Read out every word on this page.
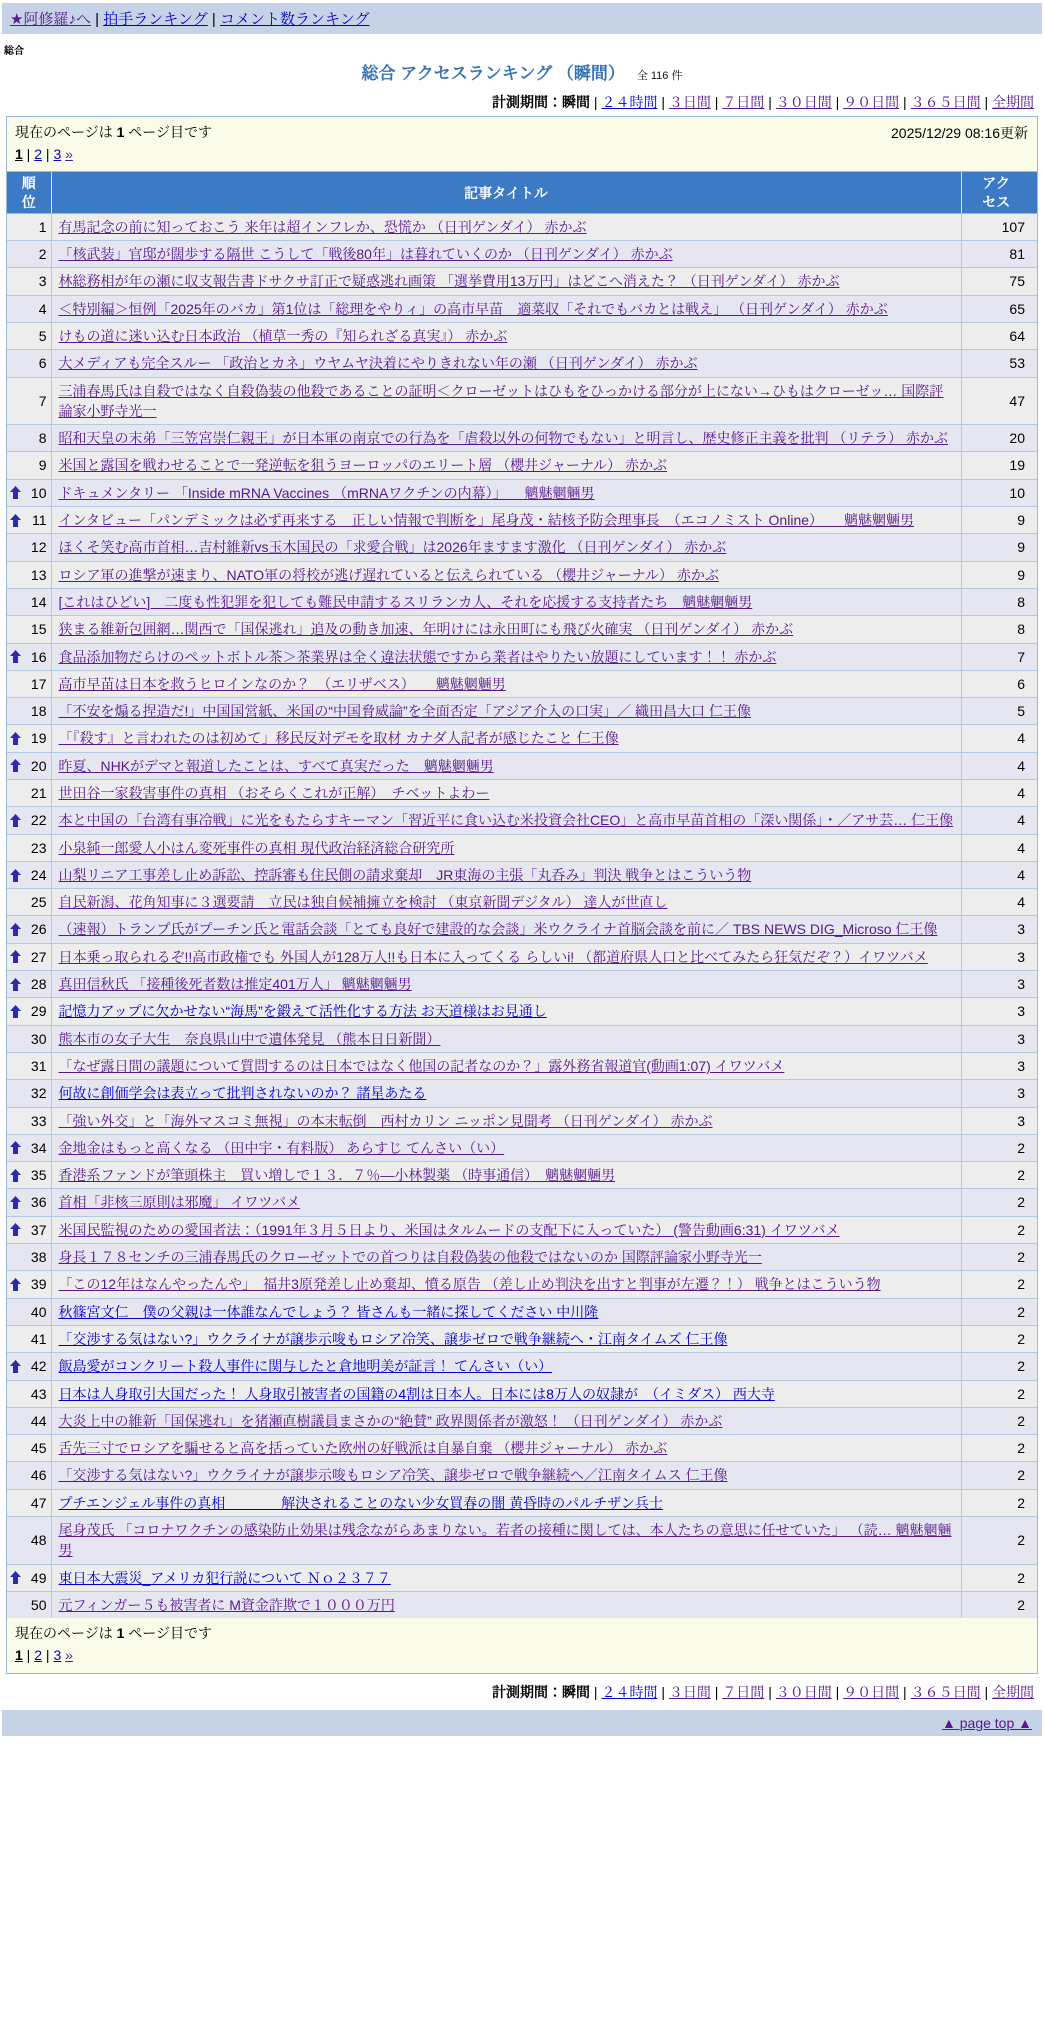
★阿修羅♪へ | 拍手ランキング | コメント数ランキング
総合
総合 アクセスランキング （瞬間） 全 116 件
計測期間：瞬間 | ２４時間 | ３日間 | ７日間 | ３０日間 | ９０日間 | ３６５日間 | 全期間
現在のページは 1 ページ目です
1 | 2 | 3 »
2025/12/29 08:16更新
順位	記事タイトル	アクセス

1	有馬記念の前に知っておこう 来年は超インフレか、恐慌か （日刊ゲンダイ） 赤かぶ	107

2	「核武装」官邸が闊歩する隔世 こうして「戦後80年」は暮れていくのか （日刊ゲンダイ） 赤かぶ	81

3	林総務相が年の瀬に収支報告書ドサクサ訂正で疑惑逃れ画策 「選挙費用13万円」はどこへ消えた？ （日刊ゲンダイ） 赤かぶ	75

4	＜特別編＞恒例「2025年のバカ」第1位は「総理をやりィ」の高市早苗　適菜収「それでもバカとは戦え」 （日刊ゲンダイ） 赤かぶ	65

5	けもの道に迷い込む日本政治 （植草一秀の『知られざる真実』） 赤かぶ	64

6	大メディアも完全スルー 「政治とカネ」ウヤムヤ決着にやりきれない年の瀬 （日刊ゲンダイ） 赤かぶ	53

7	三浦春馬氏は自殺ではなく自殺偽装の他殺であることの証明＜クローゼットはひもをひっかける部分が上にない→ひもはクローゼッ… 国際評論家小野寺光一	47

8	昭和天皇の末弟「三笠宮崇仁親王」が日本軍の南京での行為を「虐殺以外の何物でもない」と明言し、歴史修正主義を批判 （リテラ） 赤かぶ	20

9	米国と露国を戦わせることで一発逆転を狙うヨーロッパのエリート層 （櫻井ジャーナル） 赤かぶ	19

10	ドキュメンタリー 「Inside mRNA Vaccines （mRNAワクチンの内幕）」 　魑魅魍魎男	10

11	インタビュー「パンデミックは必ず再来する　正しい情報で判断を」尾身茂・結核予防会理事長　（エコノミスト Online）　　魑魅魍魎男	9

12	ほくそ笑む高市首相…吉村維新vs玉木国民の「求愛合戦」は2026年ますます激化 （日刊ゲンダイ） 赤かぶ	9

13	ロシア軍の進撃が速まり、NATO軍の将校が逃げ遅れていると伝えられている （櫻井ジャーナル） 赤かぶ	9

14	[これはひどい]　二度も性犯罪を犯しても難民申請するスリランカ人、それを応援する支持者たち　魑魅魍魎男	8

15	狭まる維新包囲網…関西で「国保逃れ」追及の動き加速、年明けには永田町にも飛び火確実 （日刊ゲンダイ） 赤かぶ	8

16	食品添加物だらけのペットボトル茶＞茶業界は全く違法状態ですから業者はやりたい放題にしています！！ 赤かぶ	7

17	高市早苗は日本を救うヒロインなのか？　（エリザベス）　　魑魅魍魎男	6

18	「不安を煽る捏造だ!」中国国営紙、米国の“中国脅威論”を全面否定「アジア介入の口実」／ 織田昌大口 仁王像	5

19	「『殺す』と言われたのは初めて」移民反対デモを取材 カナダ人記者が感じたこと 仁王像	4

20	昨夏、NHKがデマと報道したことは、すべて真実だった　魑魅魍魎男	4

21	世田谷一家殺害事件の真相 （おそらくこれが正解）　チベットよわー	4

22	本と中国の「台湾有事冷戦」に光をもたらすキーマン「習近平に食い込む米投資会社CEO」と高市早苗首相の「深い関係」・／アサ芸… 仁王像	4

23	小泉純一郎愛人小はん変死事件の真相 現代政治経済総合研究所	4

24	山梨リニア工事差し止め訴訟、控訴審も住民側の請求棄却　JR東海の主張「丸呑み」判決 戦争とはこういう物	4

25	自民新潟、花角知事に３選要請　立民は独自候補擁立を検討 （東京新聞デジタル） 達人が世直し	4

26	（速報）トランプ氏がプーチン氏と電話会談「とても良好で建設的な会談」米ウクライナ首脳会談を前に／ TBS NEWS DIG_Microso 仁王像	3

27	日本乗っ取られるぞ!!高市政権でも 外国人が128万人!!も日本に入ってくる らしいi! （都道府県人口と比べてみたら狂気だぞ？）イワツバメ	3

28	真田信秋氏 「接種後死者数は推定401万人」 魑魅魍魎男	3

29	記憶力アップに欠かせない“海馬”を鍛えて活性化する方法 お天道様はお見通し	3

30	熊本市の女子大生　奈良県山中で遺体発見 （熊本日日新聞）	3

31	「なぜ露日間の議題について質問するのは日本ではなく他国の記者なのか？」露外務省報道官(動画1:07) イワツバメ	3

32	何故に創価学会は表立って批判されないのか？ 諸星あたる	3

33	「強い外交」と「海外マスコミ無視」の本末転倒　西村カリン ニッポン見聞考 （日刊ゲンダイ） 赤かぶ	3

34	金地金はもっと高くなる （田中宇・有料版） あらすじ てんさい（い）	2

35	香港系ファンドが筆頭株主　買い増しで１３．７％―小林製薬 （時事通信）　魑魅魍魎男	2

36	首相「非核三原則は邪魔」 イワツバメ	2

37	米国民監視のための愛国者法：（1991年３月５日より、米国はタルムードの支配下に入っていた） (警告動画6:31) イワツバメ	2

38	身長１７８センチの三浦春馬氏のクローゼットでの首つりは自殺偽装の他殺ではないのか 国際評論家小野寺光一	2

39	「この12年はなんやったんや」　福井3原発差し止め棄却、憤る原告 （差し止め判決を出すと判事が左遷？！） 戦争とはこういう物	2

40	秋篠宮文仁　僕の父親は一体誰なんでしょう？ 皆さんも一緒に探してください 中川隆	2

41	「交渉する気はない?」ウクライナが譲歩示唆もロシア冷笑、譲歩ゼロで戦争継続へ・江南タイムズ 仁王像	2

42	飯島愛がコンクリート殺人事件に関与したと倉地明美が証言！ てんさい（い）	2

43	日本は人身取引大国だった！ 人身取引被害者の国籍の4割は日本人。日本には8万人の奴隷が　（イミダス） 西大寺	2

44	大炎上中の維新「国保逃れ」を猪瀬直樹議員まさかの“絶賛” 政界関係者が激怒！ （日刊ゲンダイ） 赤かぶ	2

45	舌先三寸でロシアを騙せると高を括っていた欧州の好戦派は自暴自棄 （櫻井ジャーナル） 赤かぶ	2

46	「交渉する気はない?」ウクライナが譲歩示唆もロシア冷笑、譲歩ゼロで戦争継続へ／江南タイムス 仁王像	2

47	プチエンジェル事件の真相　　　　解決されることのない少女買春の闇 黄昏時のパルチザン兵士	2

48	尾身茂氏 「コロナワクチンの感染防止効果は残念ながらあまりない。若者の接種に関しては、本人たちの意思に任せていた」 （読… 魑魅魍魎男	2

49	東日本大震災_アメリカ犯行説について Ｎｏ２３７７	2

50	元フィンガー５も被害者に M資金詐欺で１０００万円	2
現在のページは 1 ページ目です
1 | 2 | 3 »
計測期間：瞬間 | ２４時間 | ３日間 | ７日間 | ３０日間 | ９０日間 | ３６５日間 | 全期間
▲ page top ▲
